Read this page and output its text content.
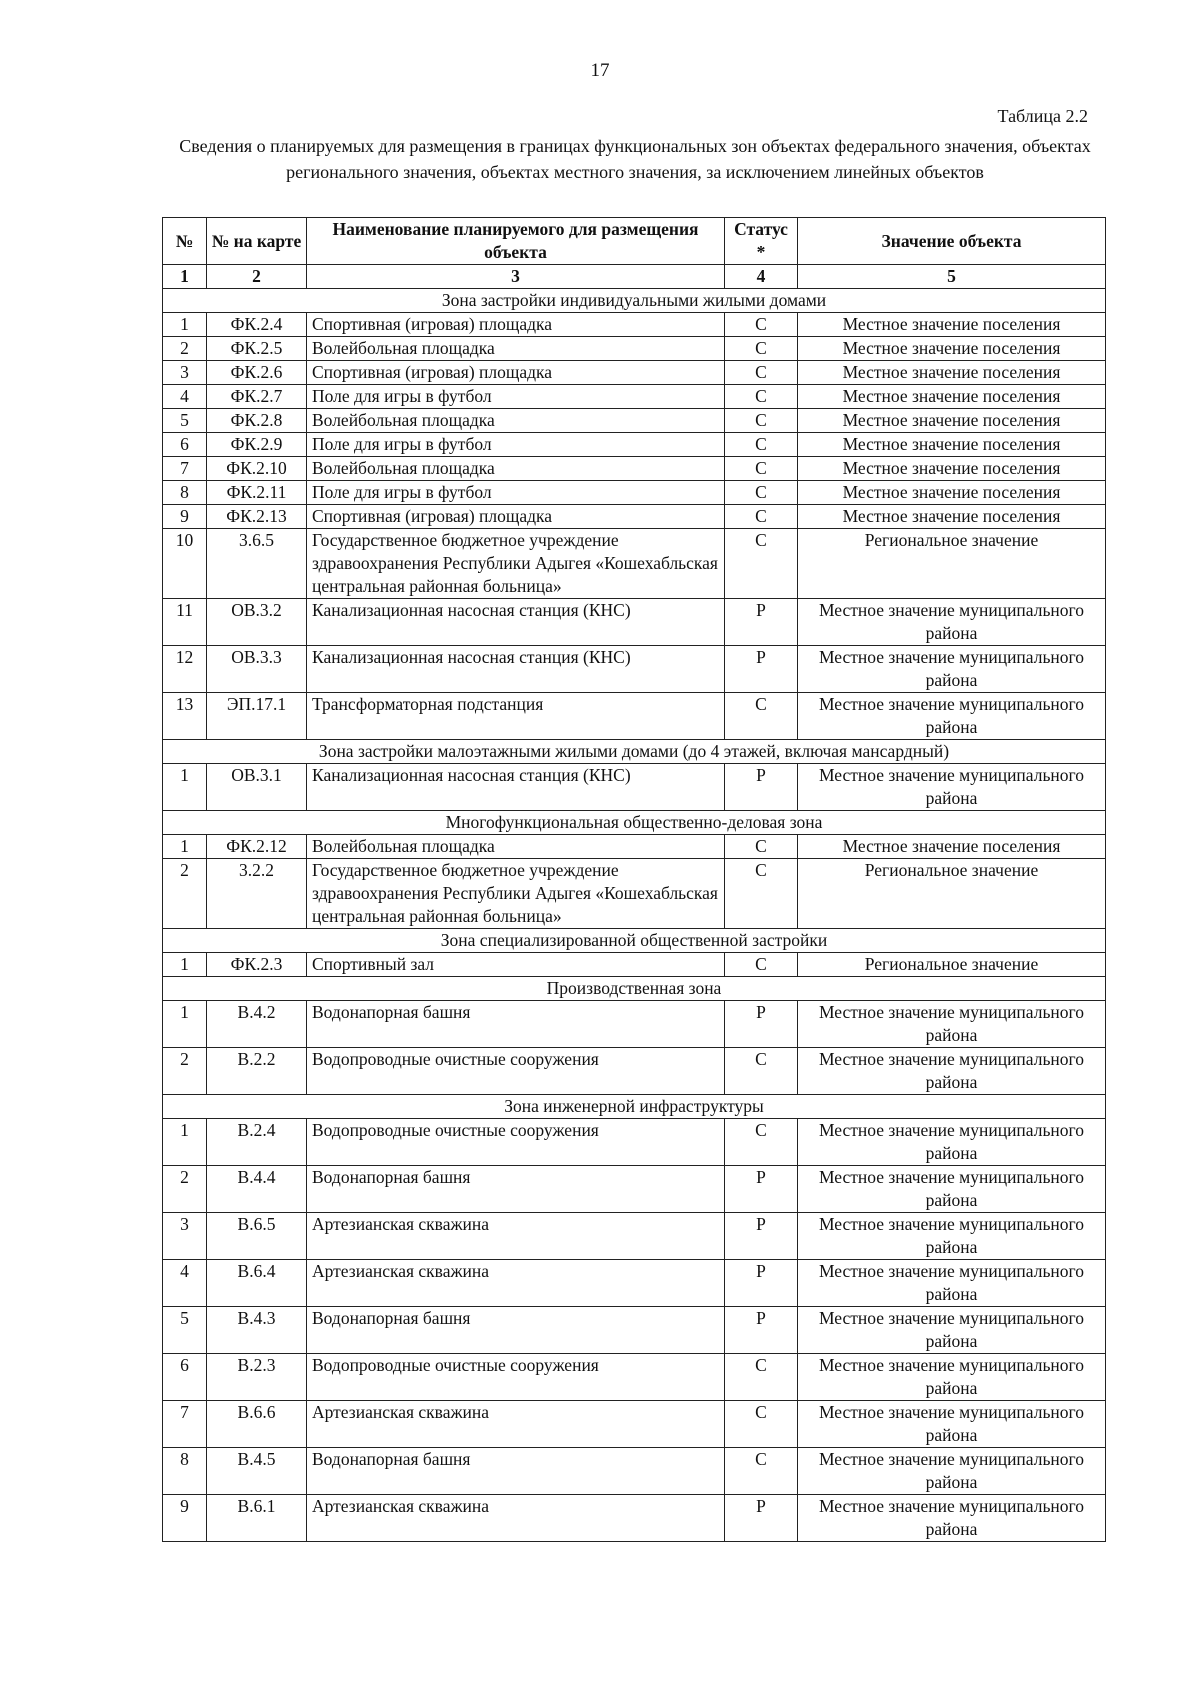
17
Таблица 2.2
Сведения о планируемых для размещения в границах функциональных зон объектах федерального значения, объектах регионального значения, объектах местного значения, за исключением линейных объектов
№	№ на карте	Наименование планируемого для размещения объекта	Статус *	Значение объекта
1	2	3	4	5
Зона застройки индивидуальными жилыми домами				
1	ФК.2.4	Спортивная (игровая) площадка	С	Местное значение поселения
2	ФК.2.5	Волейбольная площадка	С	Местное значение поселения
3	ФК.2.6	Спортивная (игровая) площадка	С	Местное значение поселения
4	ФК.2.7	Поле для игры в футбол	С	Местное значение поселения
5	ФК.2.8	Волейбольная площадка	С	Местное значение поселения
6	ФК.2.9	Поле для игры в футбол	С	Местное значение поселения
7	ФК.2.10	Волейбольная площадка	С	Местное значение поселения
8	ФК.2.11	Поле для игры в футбол	С	Местное значение поселения
9	ФК.2.13	Спортивная (игровая) площадка	С	Местное значение поселения
10	3.6.5	Государственное бюджетное учреждение здравоохранения Республики Адыгея «Кошехабльская центральная районная больница»	С	Региональное значение
11	ОВ.3.2	Канализационная насосная станция (КНС)	Р	Местное значение муниципального района
12	ОВ.3.3	Канализационная насосная станция (КНС)	Р	Местное значение муниципального района
13	ЭП.17.1	Трансформаторная подстанция	С	Местное значение муниципального района
Зона застройки малоэтажными жилыми домами (до 4 этажей, включая мансардный)				
1	ОВ.3.1	Канализационная насосная станция (КНС)	Р	Местное значение муниципального района
Многофункциональная общественно-деловая зона				
1	ФК.2.12	Волейбольная площадка	С	Местное значение поселения
2	3.2.2	Государственное бюджетное учреждение здравоохранения Республики Адыгея «Кошехабльская центральная районная больница»	С	Региональное значение
Зона специализированной общественной застройки				
1	ФК.2.3	Спортивный зал	С	Региональное значение
Производственная зона				
1	В.4.2	Водонапорная башня	Р	Местное значение муниципального района
2	В.2.2	Водопроводные очистные сооружения	С	Местное значение муниципального района
Зона инженерной инфраструктуры				
1	В.2.4	Водопроводные очистные сооружения	С	Местное значение муниципального района
2	В.4.4	Водонапорная башня	Р	Местное значение муниципального района
3	В.6.5	Артезианская скважина	Р	Местное значение муниципального района
4	В.6.4	Артезианская скважина	Р	Местное значение муниципального района
5	В.4.3	Водонапорная башня	Р	Местное значение муниципального района
6	В.2.3	Водопроводные очистные сооружения	С	Местное значение муниципального района
7	В.6.6	Артезианская скважина	С	Местное значение муниципального района
8	В.4.5	Водонапорная башня	С	Местное значение муниципального района
9	В.6.1	Артезианская скважина	Р	Местное значение муниципального района
